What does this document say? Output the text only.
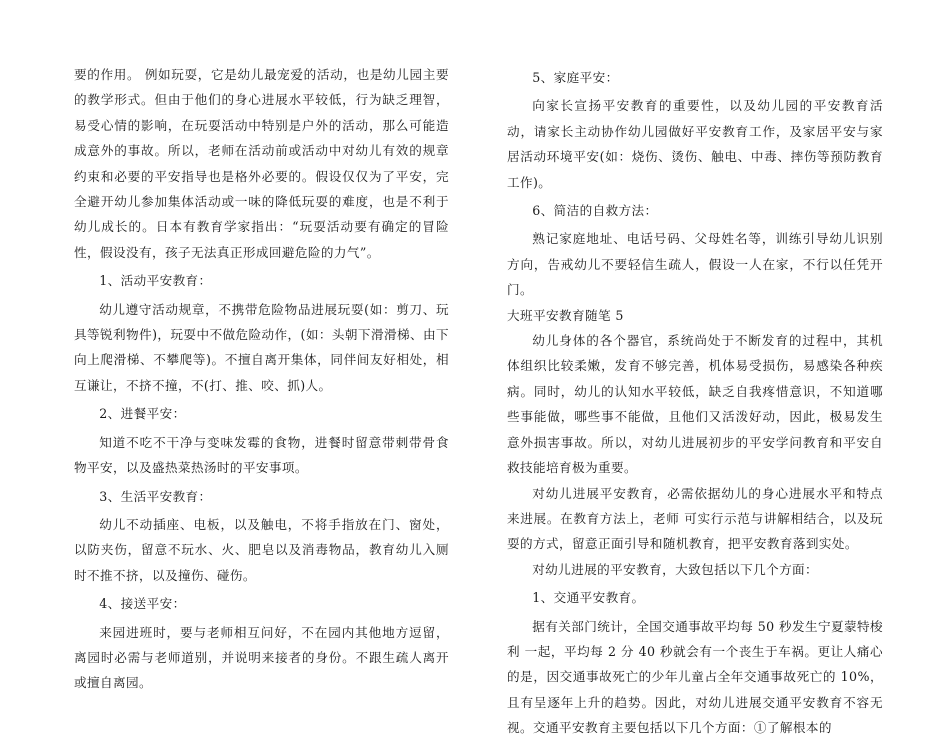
要的作用。 例如玩耍，它是幼儿最宠爱的活动，也是幼儿园主要的教学形式。但由于他们的身心进展水平较低，行为缺乏理智，易受心情的影响，在玩耍活动中特别是户外的活动，那么可能造成意外的事故。所以，老师在活动前或活动中对幼儿有效的规章约束和必要的平安指导也是格外必要的。假设仅仅为了平安，完全避开幼儿参加集体活动或一味的降低玩耍的难度，也是不利于幼儿成长的。日本有教育学家指出：“玩耍活动要有确定的冒险性，假设没有，孩子无法真正形成回避危险的力气”。

1、活动平安教育：

幼儿遵守活动规章，不携带危险物品进展玩耍(如：剪刀、玩具等锐利物件)，玩耍中不做危险动作，(如：头朝下滑滑梯、由下向上爬滑梯、不攀爬等)。不擅自离开集体，同伴间友好相处，相互谦让，不挤不撞，不(打、推、咬、抓)人。

2、进餐平安：

知道不吃不干净与变味发霉的食物，进餐时留意带刺带骨食物平安，以及盛热菜热汤时的平安事项。

3、生活平安教育：

幼儿不动插座、电板，以及触电，不将手指放在门、窗处，以防夹伤，留意不玩水、火、肥皂以及消毒物品，教育幼儿入厕时不推不挤，以及撞伤、碰伤。

4、接送平安：

来园进班时，要与老师相互问好，不在园内其他地方逗留，离园时必需与老师道别，并说明来接者的身份。不跟生疏人离开或擅自离园。

5、家庭平安：

向家长宣扬平安教育的重要性，以及幼儿园的平安教育活动，请家长主动协作幼儿园做好平安教育工作，及家居平安与家居活动环境平安(如：烧伤、烫伤、触电、中毒、摔伤等预防教育工作)。

6、简洁的自救方法：

熟记家庭地址、电话号码、父母姓名等，训练引导幼儿识别方向，告戒幼儿不要轻信生疏人，假设一人在家，不行以任凭开门。

大班平安教育随笔 5

幼儿身体的各个器官，系统尚处于不断发育的过程中，其机体组织比较柔嫩，发育不够完善，机体易受损伤，易感染各种疾病。同时，幼儿的认知水平较低，缺乏自我疼惜意识，不知道哪些事能做，哪些事不能做，且他们又活泼好动，因此，极易发生意外损害事故。所以，对幼儿进展初步的平安学问教育和平安自救技能培育极为重要。

对幼儿进展平安教育，必需依据幼儿的身心进展水平和特点来进展。在教育方法上，老师 可实行示范与讲解相结合，以及玩耍的方式，留意正面引导和随机教育，把平安教育落到实处。

对幼儿进展的平安教育，大致包括以下几个方面：

1、交通平安教育。

据有关部门统计，全国交通事故平均每 50 秒发生宁夏蒙特梭利 一起，平均每 2 分 40 秒就会有一个丧生于车祸。更让人痛心的是，因交通事故死亡的少年儿童占全年交通事故死亡的 10%，且有呈逐年上升的趋势。因此，对幼儿进展交通平安教育不容无视。交通平安教育主要包括以下几个方面：①了解根本的
